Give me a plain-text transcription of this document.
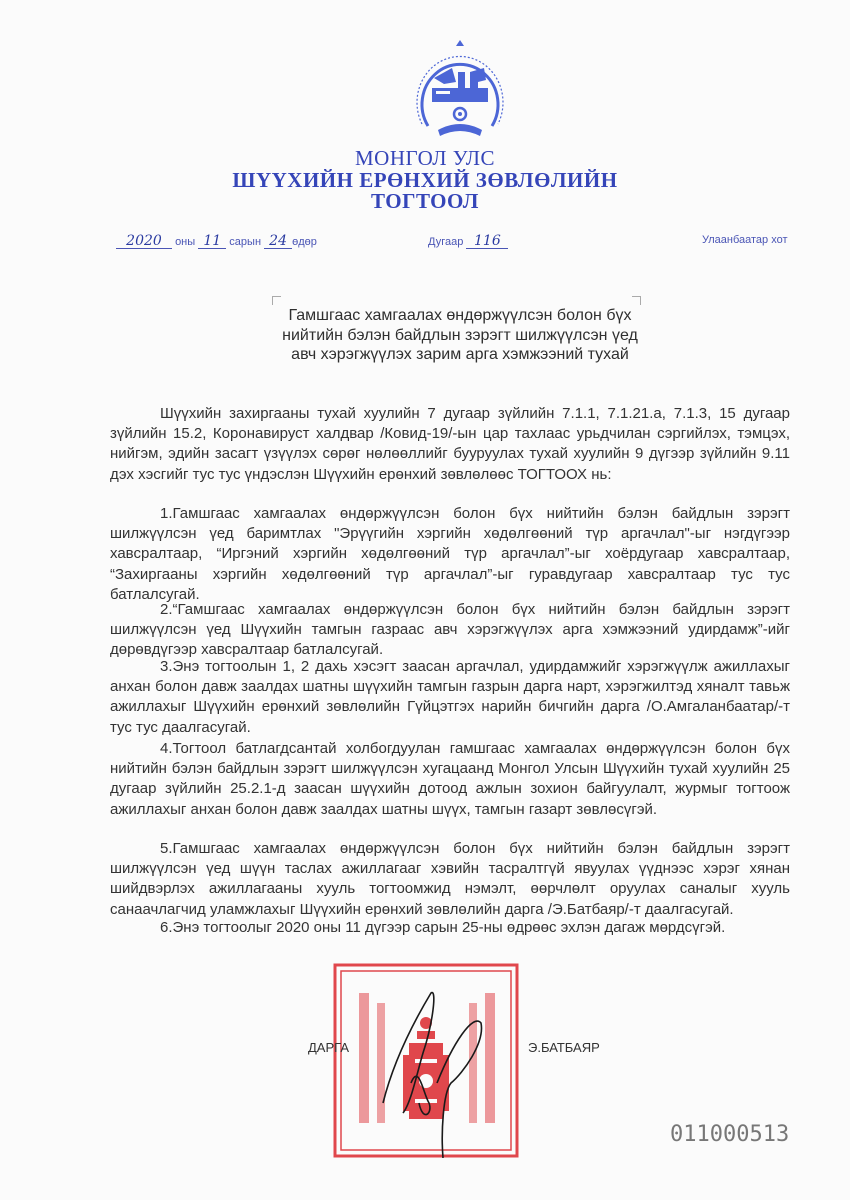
МОНГОЛ УЛС
ШҮҮХИЙН ЕРӨНХИЙ ЗӨВЛӨЛИЙН
ТОГТООЛ
2020 оны 11 сарын 24 өдөр	Дугаар 116	Улаанбаатар хот
Гамшгаас хамгаалах өндөржүүлсэн болон бүх
нийтийн бэлэн байдлын зэрэгт шилжүүлсэн үед
авч хэрэгжүүлэх зарим арга хэмжээний тухай

Шүүхийн захиргааны тухай хуулийн 7 дугаар зүйлийн 7.1.1, 7.1.21.а, 7.1.3, 15 дугаар зүйлийн 15.2, Коронавируст халдвар /Ковид-19/-ын цар тахлаас урьдчилан сэргийлэх, тэмцэх, нийгэм, эдийн засагт үзүүлэх сөрөг нөлөөллийг бууруулах тухай хуулийн 9 дүгээр зүйлийн 9.11 дэх хэсгийг тус тус үндэслэн Шүүхийн ерөнхий зөвлөлөөс ТОГТООХ нь:

1.Гамшгаас хамгаалах өндөржүүлсэн болон бүх нийтийн бэлэн байдлын зэрэгт шилжүүлсэн үед баримтлах "Эрүүгийн хэргийн хөдөлгөөний түр аргачлал"-ыг нэгдүгээр хавсралтаар, “Иргэний хэргийн хөдөлгөөний түр аргачлал”-ыг хоёрдугаар хавсралтаар, “Захиргааны хэргийн хөдөлгөөний түр аргачлал”-ыг гуравдугаар хавсралтаар тус тус батлалсугай.

2.“Гамшгаас хамгаалах өндөржүүлсэн болон бүх нийтийн бэлэн байдлын зэрэгт шилжүүлсэн үед Шүүхийн тамгын газраас авч хэрэгжүүлэх арга хэмжээний удирдамж”-ийг дөрөвдүгээр хавсралтаар батлалсугай.

3.Энэ тогтоолын 1, 2 дахь хэсэгт заасан аргачлал, удирдамжийг хэрэгжүүлж ажиллахыг анхан болон давж заалдах шатны шүүхийн тамгын газрын дарга нарт, хэрэгжилтэд хяналт тавьж ажиллахыг Шүүхийн ерөнхий зөвлөлийн Гүйцэтгэх нарийн бичгийн дарга /О.Амгаланбаатар/-т тус тус даалгасугай.

4.Тогтоол батлагдсантай холбогдуулан гамшгаас хамгаалах өндөржүүлсэн болон бүх нийтийн бэлэн байдлын зэрэгт шилжүүлсэн хугацаанд Монгол Улсын Шүүхийн тухай хуулийн 25 дугаар зүйлийн 25.2.1-д заасан шүүхийн дотоод ажлын зохион байгуулалт, журмыг тогтоож ажиллахыг анхан болон давж заалдах шатны шүүх, тамгын газарт зөвлөсүгэй.

5.Гамшгаас хамгаалах өндөржүүлсэн болон бүх нийтийн бэлэн байдлын зэрэгт шилжүүлсэн үед шүүн таслах ажиллагааг хэвийн тасралтгүй явуулах үүднээс хэрэг хянан шийдвэрлэх ажиллагааны хууль тогтоомжид нэмэлт, өөрчлөлт оруулах саналыг хууль санаачлагчид уламжлахыг Шүүхийн ерөнхий зөвлөлийн дарга /Э.Батбаяр/-т даалгасугай.

6.Энэ тогтоолыг 2020 оны 11 дүгээр сарын 25-ны өдрөөс эхлэн дагаж мөрдсүгэй.

ДАРГА	Э.БАТБАЯР
011000513
